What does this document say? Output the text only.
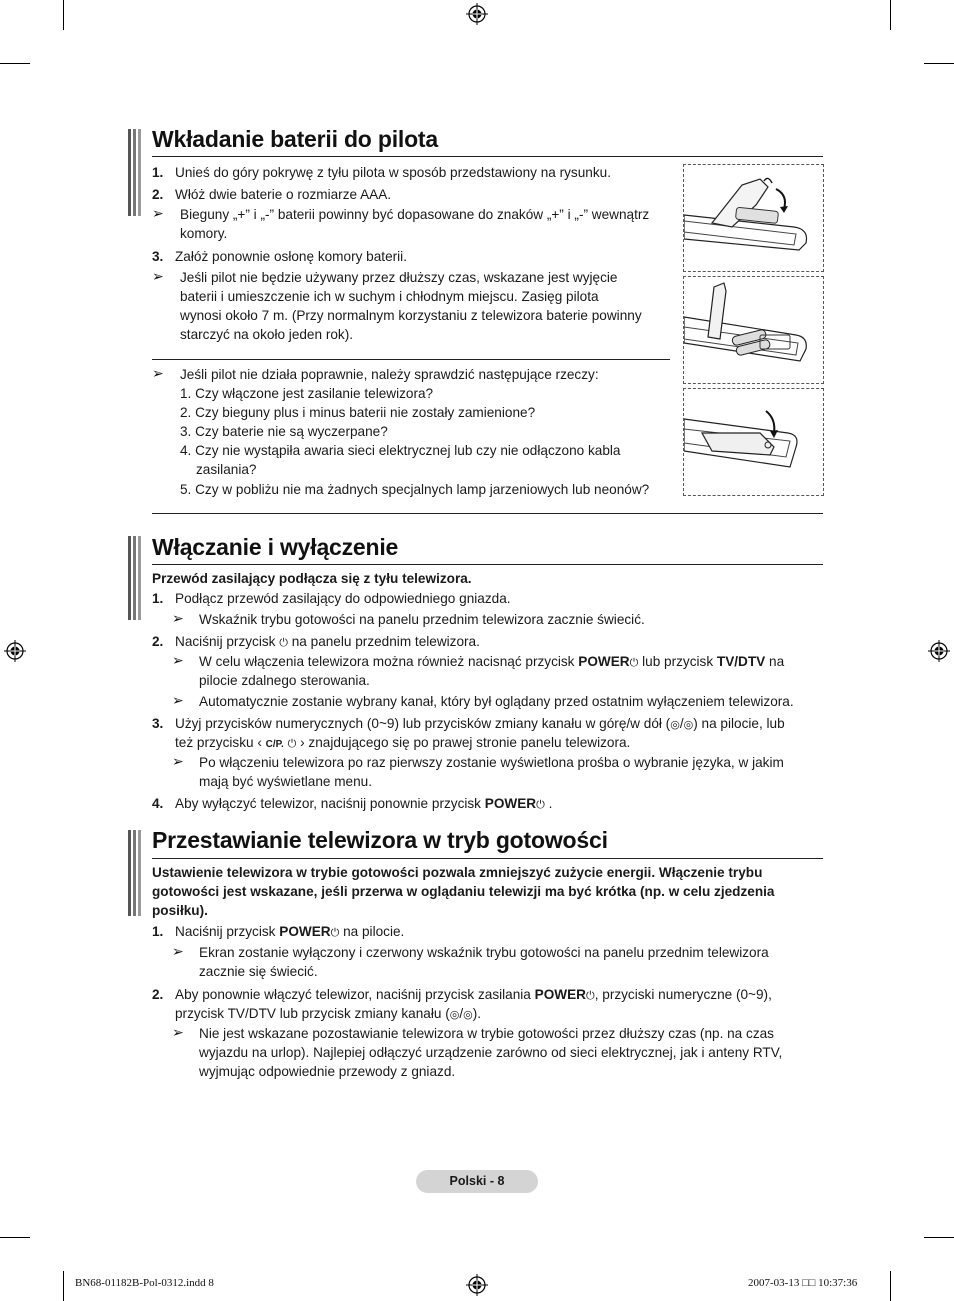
Wkładanie baterii do pilota
1. Unieś do góry pokrywę z tyłu pilota w sposób przedstawiony na rysunku.
2. Włóż dwie baterie o rozmiarze AAA.
➢ Bieguny „+” i „-” baterii powinny być dopasowane do znaków „+” i „-” wewnątrz
komory.
3. Załóż ponownie osłonę komory baterii.
➢ Jeśli pilot nie będzie używany przez dłuższy czas, wskazane jest wyjęcie
baterii i umieszczenie ich w suchym i chłodnym miejscu. Zasięg pilota
wynosi około 7 m. (Przy normalnym korzystaniu z telewizora baterie powinny
starczyć na około jeden rok).
➢ Jeśli pilot nie działa poprawnie, należy sprawdzić następujące rzeczy:
1. Czy włączone jest zasilanie telewizora?
2. Czy bieguny plus i minus baterii nie zostały zamienione?
3. Czy baterie nie są wyczerpane?
4. Czy nie wystąpiła awaria sieci elektrycznej lub czy nie odłączono kabla
zasilania?
5. Czy w pobliżu nie ma żadnych specjalnych lamp jarzeniowych lub neonów?
Włączanie i wyłączenie
Przewód zasilający podłącza się z tyłu telewizora.
1. Podłącz przewód zasilający do odpowiedniego gniazda.
➢ Wskaźnik trybu gotowości na panelu przednim telewizora zacznie świecić.
2. Naciśnij przycisk ⏻ na panelu przednim telewizora.
➢ W celu włączenia telewizora można również nacisnąć przycisk POWER⏻ lub przycisk TV/DTV na
pilocie zdalnego sterowania.
➢ Automatycznie zostanie wybrany kanał, który był oglądany przed ostatnim wyłączeniem telewizora.
3. Użyj przycisków numerycznych (0~9) lub przycisków zmiany kanału w górę/w dół (◎/◎) na pilocie, lub
też przycisku ‹ C/P. ⏻ › znajdującego się po prawej stronie panelu telewizora.
➢ Po włączeniu telewizora po raz pierwszy zostanie wyświetlona prośba o wybranie języka, w jakim
mają być wyświetlane menu.
4. Aby wyłączyć telewizor, naciśnij ponownie przycisk POWER⏻ .
Przestawianie telewizora w tryb gotowości
Ustawienie telewizora w trybie gotowości pozwala zmniejszyć zużycie energii. Włączenie trybu
gotowości jest wskazane, jeśli przerwa w oglądaniu telewizji ma być krótka (np. w celu zjedzenia
posiłku).
1. Naciśnij przycisk POWER⏻ na pilocie.
➢ Ekran zostanie wyłączony i czerwony wskaźnik trybu gotowości na panelu przednim telewizora
zacznie się świecić.
2. Aby ponownie włączyć telewizor, naciśnij przycisk zasilania POWER⏻, przyciski numeryczne (0~9),
przycisk TV/DTV lub przycisk zmiany kanału (◎/◎).
➢ Nie jest wskazane pozostawianie telewizora w trybie gotowości przez dłuższy czas (np. na czas
wyjazdu na urlop). Najlepiej odłączyć urządzenie zarówno od sieci elektrycznej, jak i anteny RTV,
wyjmując odpowiednie przewody z gniazd.
Polski - 8
BN68-01182B-Pol-0312.indd 8	2007-03-13 □□ 10:37:36
